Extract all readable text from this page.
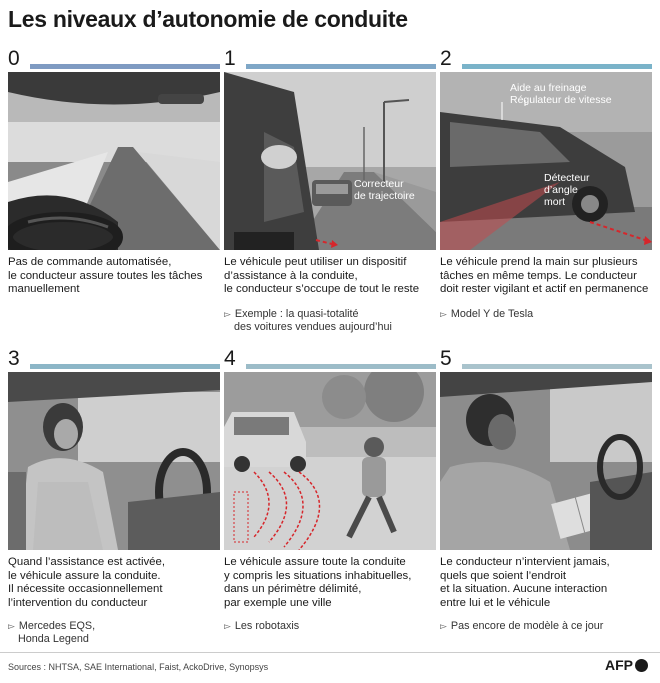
Les niveaux d’autonomie de conduite
0
Pas de commande automatisée,
le conducteur assure toutes les tâches
manuellement
1
Correcteur
de trajectoire
Le véhicule peut utiliser un dispositif
d’assistance à la conduite,
le conducteur s’occupe de tout le reste
▻ Exemple : la quasi-totalité
des voitures vendues aujourd’hui
2
Aide au freinage
Régulateur de vitesse
Détecteur
d’angle
mort
Le véhicule prend la main sur plusieurs
tâches en même temps. Le conducteur
doit rester vigilant et actif en permanence
▻ Model Y de Tesla
3
Quand l’assistance est activée,
le véhicule assure la conduite.
Il nécessite occasionnellement
l’intervention du conducteur
▻ Mercedes EQS,
Honda Legend
4
Le véhicule assure toute la conduite
y compris les situations inhabituelles,
dans un périmètre délimité,
par exemple une ville
▻ Les robotaxis
5
Le conducteur n’intervient jamais,
quels que soient l’endroit
et la situation. Aucune interaction
entre lui et le véhicule
▻ Pas encore de modèle à ce jour
Sources : NHTSA, SAE International, Faist, AckoDrive, Synopsys	AFP
